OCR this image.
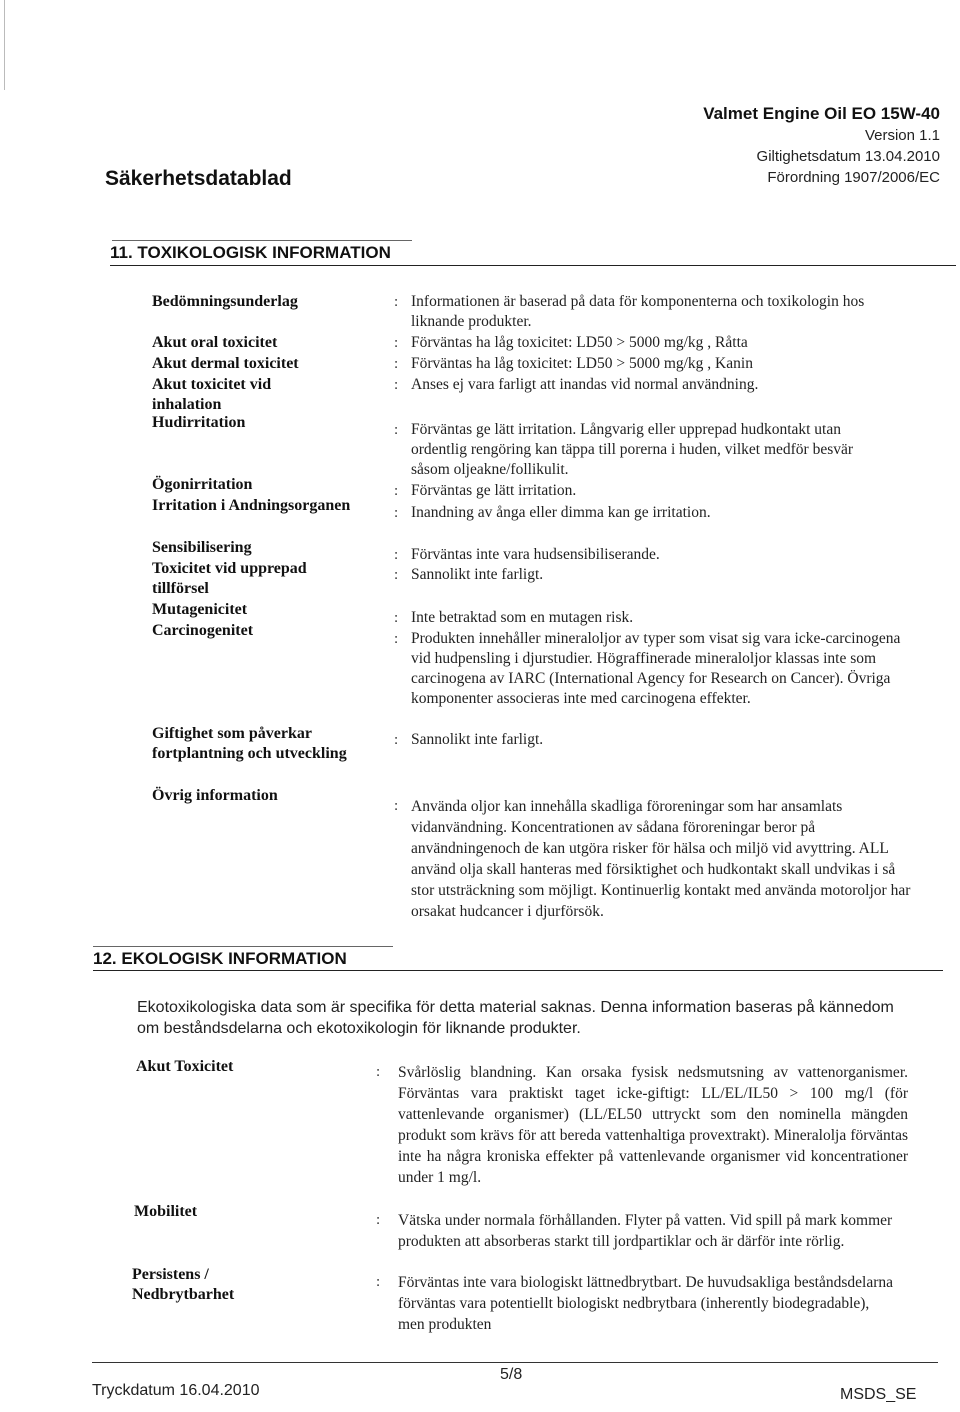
Valmet Engine Oil EO 15W-40
Version 1.1
Giltighetsdatum 13.04.2010
Förordning 1907/2006/EC
Säkerhetsdatablad
11. TOXIKOLOGISK INFORMATION
Bedömningsunderlag	: Informationen är baserad på data för komponenterna och toxikologin hos liknande produkter.
Akut oral toxicitet	: Förväntas ha låg toxicitet: LD50 > 5000 mg/kg , Råtta
Akut dermal toxicitet	: Förväntas ha låg toxicitet: LD50 > 5000 mg/kg , Kanin
Akut toxicitet vid inhalation
: Anses ej vara farligt att inandas vid normal användning.
Hudirritation	: Förväntas ge lätt irritation. Långvarig eller upprepad hudkontakt utan ordentlig rengöring kan täppa till porerna i huden, vilket medför besvär såsom oljeakne/follikulit.
Ögonirritation	: Förväntas ge lätt irritation.
Irritation i Andningsorganen	: Inandning av ånga eller dimma kan ge irritation.
Sensibilisering	: Förväntas inte vara hudsensibiliserande.
Toxicitet vid upprepad tillförsel
: Sannolikt inte farligt.
Mutagenicitet	: Inte betraktad som en mutagen risk.
Carcinogenitet	: Produkten innehåller mineraloljor av typer som visat sig vara icke-carcinogena vid hudpensling i djurstudier. Högraffinerade mineraloljor klassas inte som carcinogena av IARC (International Agency for Research on Cancer). Övriga komponenter associeras inte med carcinogena effekter.
Giftighet som påverkar fortplantning och utveckling
: Sannolikt inte farligt.
Övrig information
: Använda oljor kan innehålla skadliga föroreningar som har ansamlats vidanvändning. Koncentrationen av sådana föroreningar beror på användningenoch de kan utgöra risker för hälsa och miljö vid avyttring. ALL använd olja skall hanteras med försiktighet och hudkontakt skall undvikas i så stor utsträckning som möjligt. Kontinuerlig kontakt med använda motoroljor har orsakat hudcancer i djurförsök.
12. EKOLOGISK INFORMATION
Ekotoxikologiska data som är specifika för detta material saknas. Denna information baseras på kännedom om beståndsdelarna och ekotoxikologin för liknande produkter.
Akut Toxicitet	: Svårlöslig blandning. Kan orsaka fysisk nedsmutsning av vattenorganismer. Förväntas vara praktiskt taget icke-giftigt: LL/EL/IL50 > 100 mg/l (för vattenlevande organismer) (LL/EL50 uttryckt som den nominella mängden produkt som krävs för att bereda vattenhaltiga provextrakt). Mineralolja förväntas inte ha några kroniska effekter på vattenlevande organismer vid koncentrationer under 1 mg/l.
Mobilitet	: Vätska under normala förhållanden. Flyter på vatten. Vid spill på mark kommer produkten att absorberas starkt till jordpartiklar och är därför inte rörlig.
Persistens / Nedbrytbarhet
: Förväntas inte vara biologiskt lättnedbrytbart. De huvudsakliga beståndsdelarna förväntas vara potentiellt biologiskt nedbrytbara (inherently biodegradable), men produkten
5/8
Tryckdatum 16.04.2010	MSDS_SE
